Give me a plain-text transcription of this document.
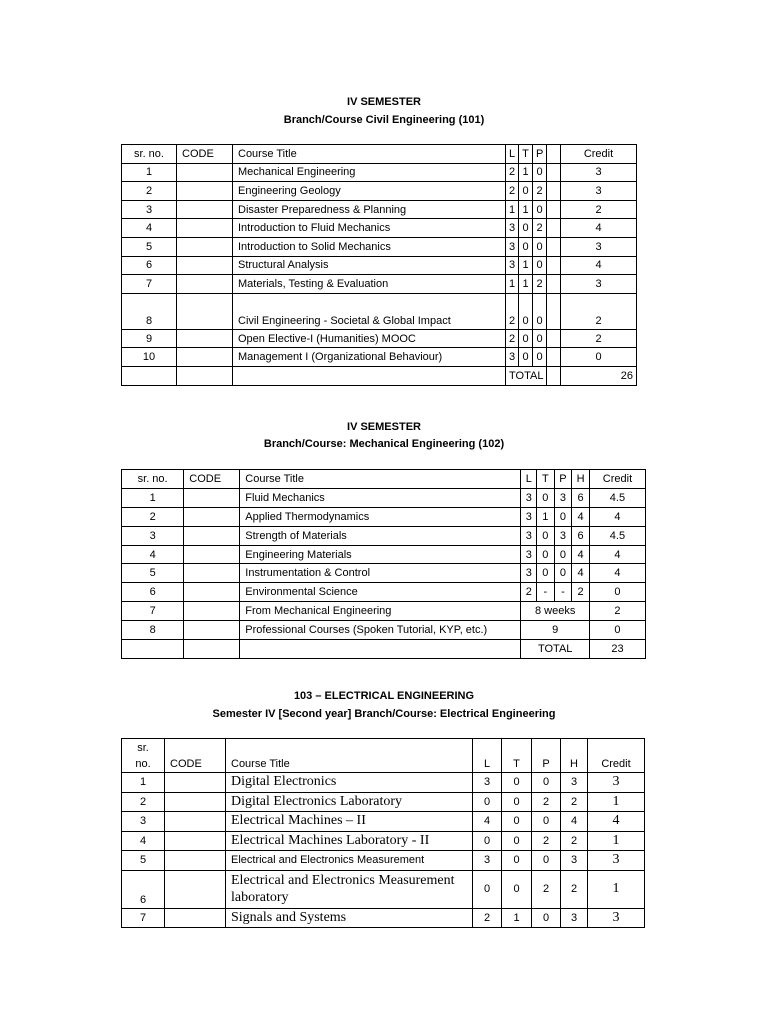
IV SEMESTER
Branch/Course Civil Engineering (101)
sr. no.	CODE	Course Title	L	T	P		Credit
1		Mechanical Engineering	2	1	0		3
2		Engineering Geology	2	0	2		3
3		Disaster Preparedness & Planning	1	1	0		2
4		Introduction to Fluid Mechanics	3	0	2		4
5		Introduction to Solid Mechanics	3	0	0		3
6		Structural Analysis	3	1	0		4
7		Materials, Testing & Evaluation	1	1	2		3
8		Civil Engineering - Societal & Global Impact	2	0	0		2
9		Open Elective-I (Humanities) MOOC	2	0	0		2
10		Management I (Organizational Behaviour)	3	0	0		0
			TOTAL				26
IV SEMESTER
Branch/Course: Mechanical Engineering (102)
sr. no.	CODE	Course Title	L	T	P	H	Credit
1		Fluid Mechanics	3	0	3	6	4.5
2		Applied Thermodynamics	3	1	0	4	4
3		Strength of Materials	3	0	3	6	4.5
4		Engineering Materials	3	0	0	4	4
5		Instrumentation & Control	3	0	0	4	4
6		Environmental Science	2	-	-	2	0
7		From Mechanical Engineering	8 weeks				2
8		Professional Courses (Spoken Tutorial, KYP, etc.)	9				0
			TOTAL				23
103 – ELECTRICAL ENGINEERING
Semester IV [Second year] Branch/Course: Electrical Engineering
sr.
no.	CODE	Course Title	L	T	P	H	Credit
1		Digital Electronics	3	0	0	3	3
2		Digital Electronics Laboratory	0	0	2	2	1
3		Electrical Machines – II	4	0	0	4	4
4		Electrical Machines Laboratory - II	0	0	2	2	1
5		Electrical and Electronics Measurement	3	0	0	3	3
6		Electrical and Electronics Measurement laboratory	0	0	2	2	1
7		Signals and Systems	2	1	0	3	3
